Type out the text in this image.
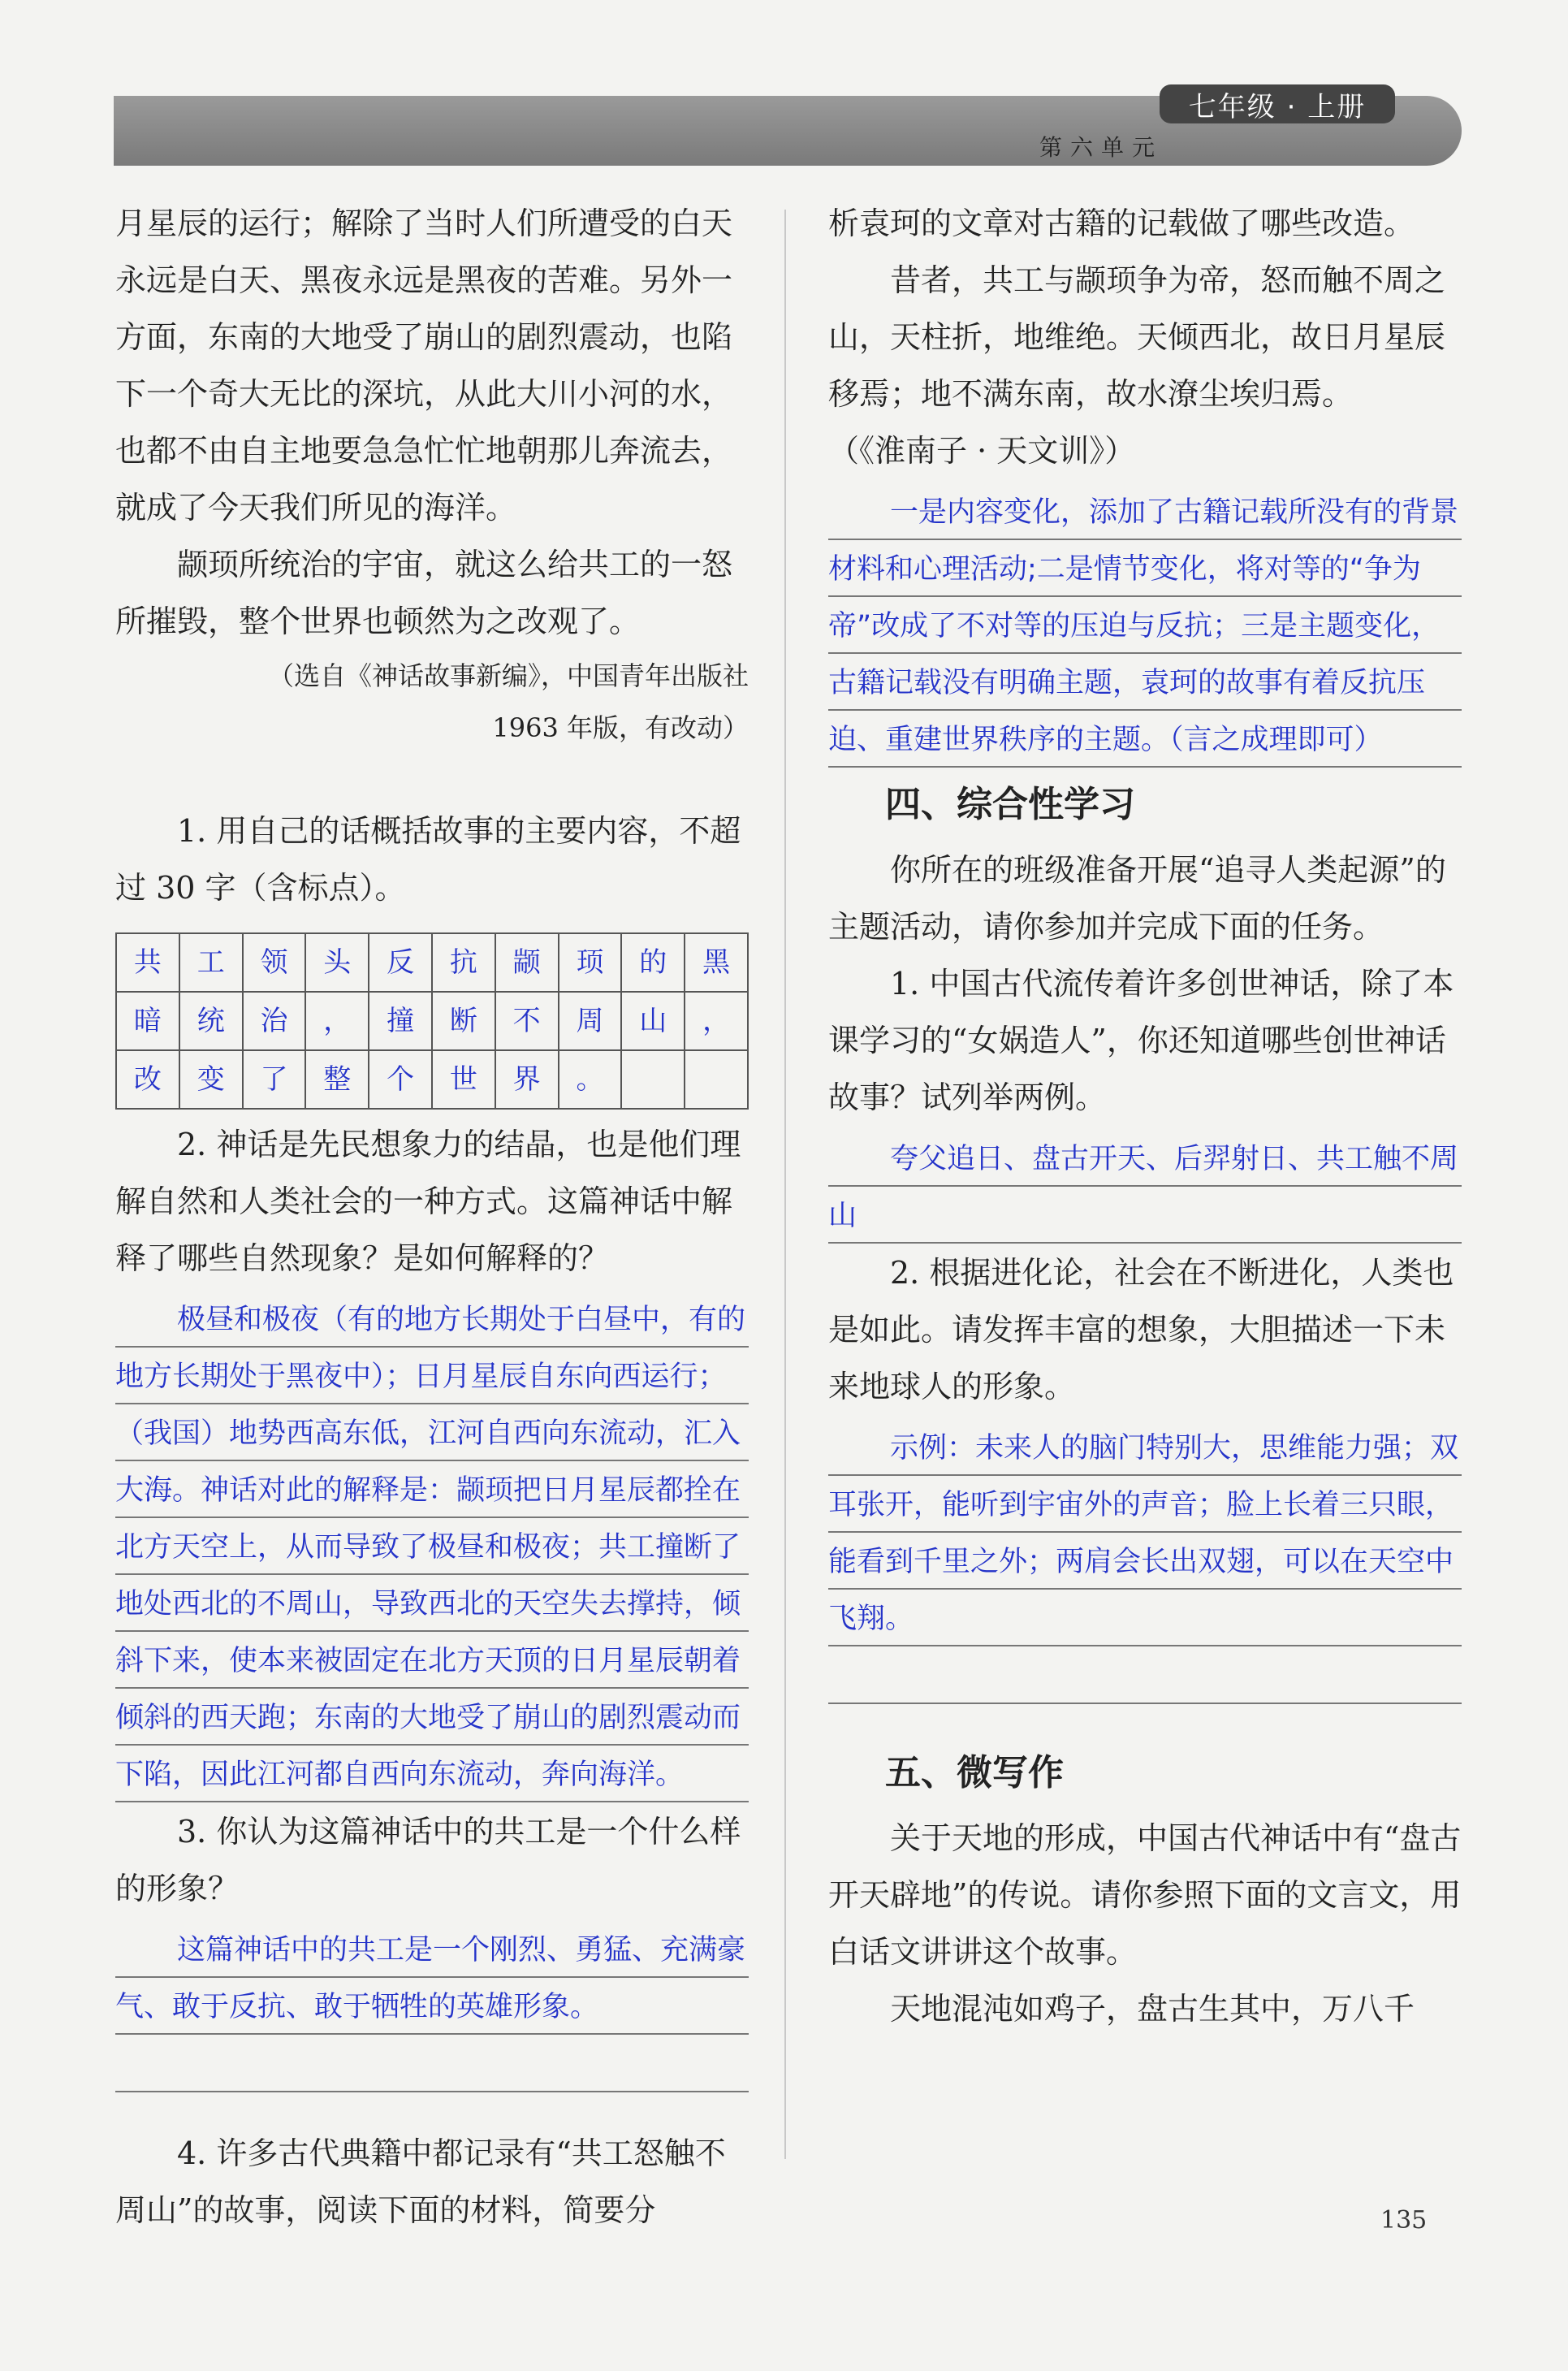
七年级 · 上册
第六单元

月星辰的运行；解除了当时人们所遭受的白天永远是白天、黑夜永远是黑夜的苦难。另外一方面，东南的大地受了崩山的剧烈震动，也陷下一个奇大无比的深坑，从此大川小河的水，也都不由自主地要急急忙忙地朝那儿奔流去，就成了今天我们所见的海洋。

颛顼所统治的宇宙，就这么给共工的一怒所摧毁，整个世界也顿然为之改观了。

（选自《神话故事新编》，中国青年出版社

1963 年版，有改动）

1. 用自己的话概括故事的主要内容，不超过 30 字（含标点）。

共	工	领	头	反	抗	颛	顼	的	黑
暗	统	治	，	撞	断	不	周	山	，
改	变	了	整	个	世	界	。		

2. 神话是先民想象力的结晶，也是他们理解自然和人类社会的一种方式。这篇神话中解释了哪些自然现象？是如何解释的？

极昼和极夜（有的地方长期处于白昼中，有的地方长期处于黑夜中）；日月星辰自东向西运行；（我国）地势西高东低，江河自西向东流动，汇入大海。神话对此的解释是：颛顼把日月星辰都拴在北方天空上，从而导致了极昼和极夜；共工撞断了地处西北的不周山，导致西北的天空失去撑持，倾斜下来，使本来被固定在北方天顶的日月星辰朝着倾斜的西天跑；东南的大地受了崩山的剧烈震动而下陷，因此江河都自西向东流动，奔向海洋。

3. 你认为这篇神话中的共工是一个什么样的形象？

这篇神话中的共工是一个刚烈、勇猛、充满豪气、敢于反抗、敢于牺牲的英雄形象。

4. 许多古代典籍中都记录有“共工怒触不周山”的故事，阅读下面的材料，简要分

析袁珂的文章对古籍的记载做了哪些改造。

昔者，共工与颛顼争为帝，怒而触不周之山，天柱折，地维绝。天倾西北，故日月星辰移焉；地不满东南，故水潦尘埃归焉。

（《淮南子 · 天文训》）

一是内容变化，添加了古籍记载所没有的背景材料和心理活动;二是情节变化，将对等的“争为帝”改成了不对等的压迫与反抗；三是主题变化，古籍记载没有明确主题，袁珂的故事有着反抗压迫、重建世界秩序的主题。（言之成理即可）
四、综合性学习

你所在的班级准备开展“追寻人类起源”的主题活动，请你参加并完成下面的任务。

1. 中国古代流传着许多创世神话，除了本课学习的“女娲造人”，你还知道哪些创世神话故事？试列举两例。

夸父追日、盘古开天、后羿射日、共工触不周山

2. 根据进化论，社会在不断进化，人类也是如此。请发挥丰富的想象，大胆描述一下未来地球人的形象。

示例：未来人的脑门特别大，思维能力强；双耳张开，能听到宇宙外的声音；脸上长着三只眼，能看到千里之外；两肩会长出双翅，可以在天空中飞翔。
五、微写作

关于天地的形成，中国古代神话中有“盘古开天辟地”的传说。请你参照下面的文言文，用白话文讲讲这个故事。

天地混沌如鸡子，盘古生其中，万八千

135
